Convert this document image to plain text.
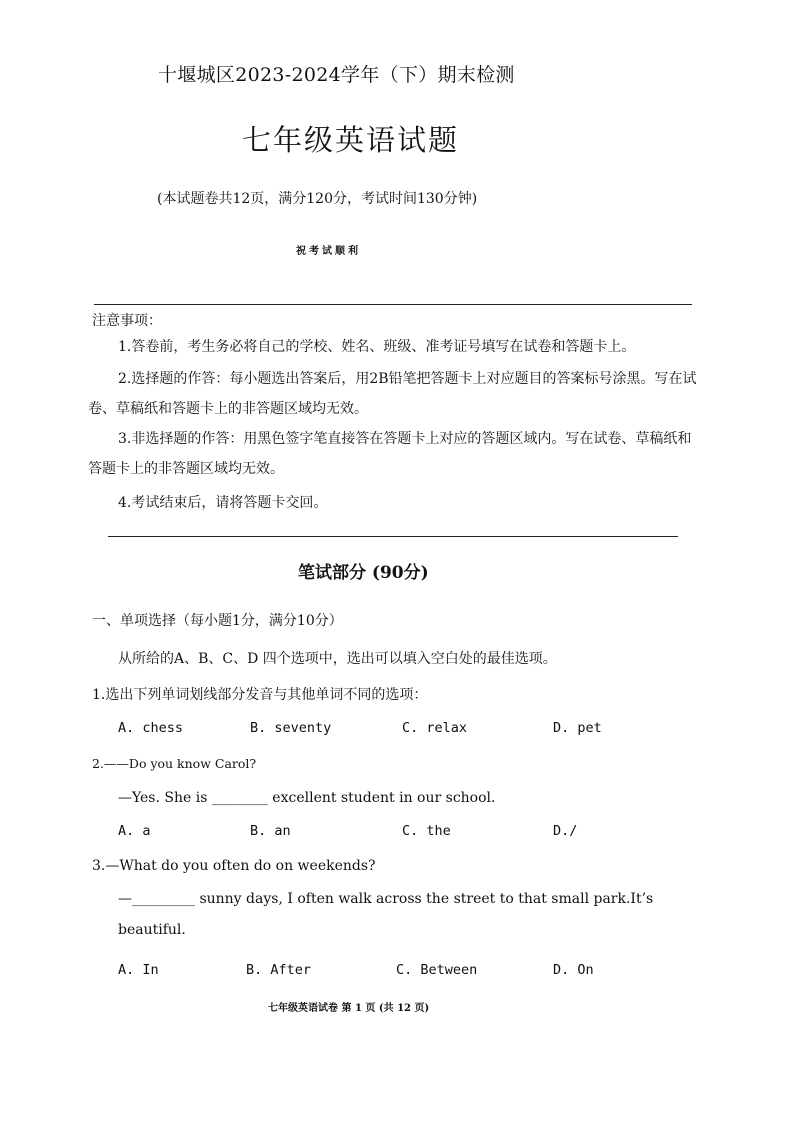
十堰城区2023-2024学年（下）期末检测
七年级英语试题
(本试题卷共12页，满分120分，考试时间130分钟)
祝考试顺利
注意事项：
1.答卷前，考生务必将自己的学校、姓名、班级、准考证号填写在试卷和答题卡上。
2.选择题的作答：每小题选出答案后，用2B铅笔把答题卡上对应题目的答案标号涂黑。写在试卷、草稿纸和答题卡上的非答题区域均无效。
3.非选择题的作答：用黑色签字笔直接答在答题卡上对应的答题区域内。写在试卷、草稿纸和答题卡上的非答题区域均无效。
4.考试结束后，请将答题卡交回。
笔试部分 (90分)
一、单项选择（每小题1分，满分10分）
从所给的A、B、C、D 四个选项中，选出可以填入空白处的最佳选项。
1.选出下列单词划线部分发音与其他单词不同的选项：
A. chess	B. seventy	C. relax	D. pet
2.——Do you know Carol?
—Yes. She is ________ excellent student in our school.
A. a	B. an	C. the	D./
3.—What do you often do on weekends?
—_________ sunny days, I often walk across the street to that small park.It’s
beautiful.
A. In	B. After	C. Between	D. On
七年级英语试卷 第 1 页 (共 12 页)
